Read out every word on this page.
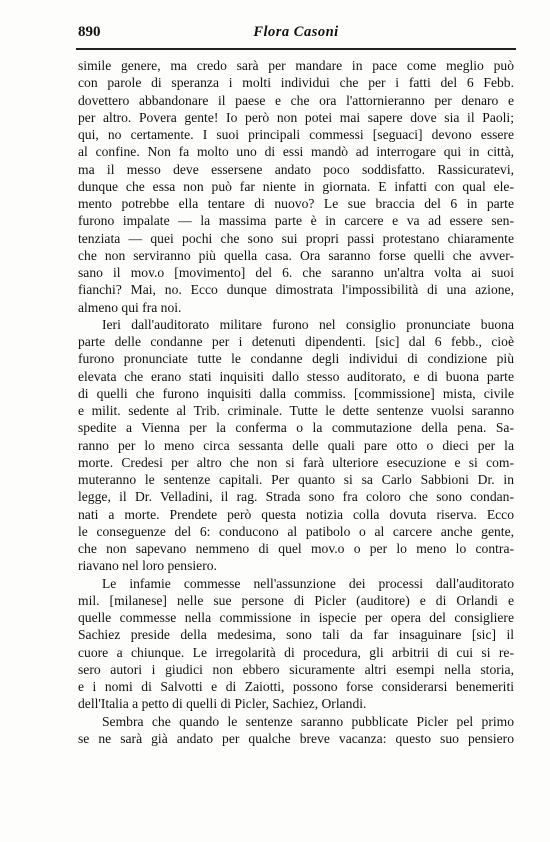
890	Flora Casoni

simile genere, ma credo sarà per mandare in pace come meglio può
con parole di speranza i molti individui che per i fatti del 6 Febb.
dovettero abbandonare il paese e che ora l'attornieranno per denaro e
per altro. Povera gente! Io però non potei mai sapere dove sia il Paoli;
qui, no certamente. I suoi principali commessi [seguaci] devono essere
al confine. Non fa molto uno di essi mandò ad interrogare qui in città,
ma il messo deve essersene andato poco soddisfatto. Rassicuratevi,
dunque che essa non può far niente in giornata. E infatti con qual ele-
mento potrebbe ella tentare di nuovo? Le sue braccia del 6 in parte
furono impalate — la massima parte è in carcere e va ad essere sen-
tenziata — quei pochi che sono sui propri passi protestano chiaramente
che non serviranno più quella casa. Ora saranno forse quelli che avver-
sano il mov.o [movimento] del 6. che saranno un'altra volta ai suoi
fianchi? Mai, no. Ecco dunque dimostrata l'impossibilità di una azione,
almeno qui fra noi.

Ieri dall'auditorato militare furono nel consiglio pronunciate buona
parte delle condanne per i detenuti dipendenti. [sic] dal 6 febb., cioè
furono pronunciate tutte le condanne degli individui di condizione più
elevata che erano stati inquisiti dallo stesso auditorato, e di buona parte
di quelli che furono inquisiti dalla commiss. [commissione] mista, civile
e milit. sedente al Trib. criminale. Tutte le dette sentenze vuolsi saranno
spedite a Vienna per la conferma o la commutazione della pena. Sa-
ranno per lo meno circa sessanta delle quali pare otto o dieci per la
morte. Credesi per altro che non si farà ulteriore esecuzione e si com-
muteranno le sentenze capitali. Per quanto si sa Carlo Sabbioni Dr. in
legge, il Dr. Velladini, il rag. Strada sono fra coloro che sono condan-
nati a morte. Prendete però questa notizia colla dovuta riserva. Ecco
le conseguenze del 6: conducono al patibolo o al carcere anche gente,
che non sapevano nemmeno di quel mov.o o per lo meno lo contra-
riavano nel loro pensiero.

Le infamie commesse nell'assunzione dei processi dall'auditorato
mil. [milanese] nelle sue persone di Picler (auditore) e di Orlandi e
quelle commesse nella commissione in ispecie per opera del consigliere
Sachiez preside della medesima, sono tali da far insaguinare [sic] il
cuore a chiunque. Le irregolarità di procedura, gli arbitrii di cui si re-
sero autori i giudici non ebbero sicuramente altri esempi nella storia,
e i nomi di Salvotti e di Zaiotti, possono forse considerarsi benemeriti
dell'Italia a petto di quelli di Picler, Sachiez, Orlandi.

Sembra che quando le sentenze saranno pubblicate Picler pel primo
se ne sarà già andato per qualche breve vacanza: questo suo pensiero
